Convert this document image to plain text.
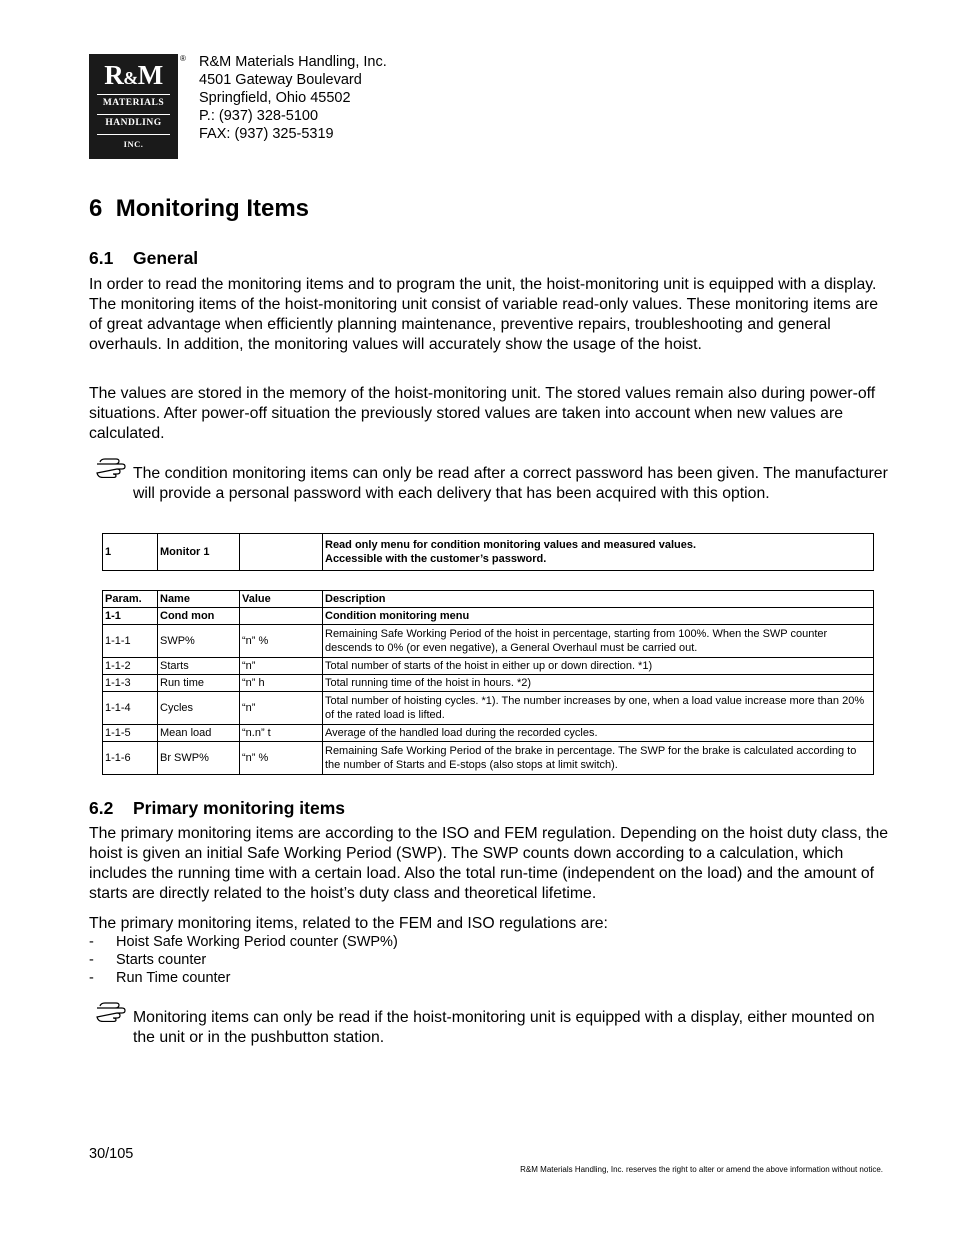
R&M
MATERIALS
HANDLING
INC.
® R&M Materials Handling, Inc.
4501 Gateway Boulevard
Springfield, Ohio 45502
P.: (937) 328-5100
FAX: (937) 325-5319
6 Monitoring Items
6.1 General
In order to read the monitoring items and to program the unit, the hoist-monitoring unit is equipped with a display. The monitoring items of the hoist-monitoring unit consist of variable read-only values. These monitoring items are of great advantage when efficiently planning maintenance, preventive repairs, troubleshooting and general overhauls. In addition, the monitoring values will accurately show the usage of the hoist.
The values are stored in the memory of the hoist-monitoring unit. The stored values remain also during power-off situations. After power-off situation the previously stored values are taken into account when new values are calculated.
The condition monitoring items can only be read after a correct password has been given. The manufacturer will provide a personal password with each delivery that has been acquired with this option.
1	Monitor 1		
Read only menu for condition monitoring values and measured values.
Accessible with the customer’s password.
Param.	Name	Value	Description
1-1	Cond mon		Condition monitoring menu
1-1-1	SWP%	“n” %	Remaining Safe Working Period of the hoist in percentage, starting from 100%. When the SWP counter descends to 0% (or even negative), a General Overhaul must be carried out.
1-1-2	Starts	“n”	Total number of starts of the hoist in either up or down direction. *1)
1-1-3	Run time	“n” h	Total running time of the hoist in hours. *2)
1-1-4	Cycles	“n”	Total number of hoisting cycles. *1). The number increases by one, when a load value increase more than 20% of the rated load is lifted.
1-1-5	Mean load	“n.n” t	Average of the handled load during the recorded cycles.
1-1-6	Br SWP%	“n” %	Remaining Safe Working Period of the brake in percentage. The SWP for the brake is calculated according to the number of Starts and E-stops (also stops at limit switch).
6.2 Primary monitoring items
The primary monitoring items are according to the ISO and FEM regulation. Depending on the hoist duty class, the hoist is given an initial Safe Working Period (SWP). The SWP counts down according to a calculation, which includes the running time with a certain load. Also the total run-time (independent on the load) and the amount of starts are directly related to the hoist’s duty class and theoretical lifetime.
The primary monitoring items, related to the FEM and ISO regulations are:
- Hoist Safe Working Period counter (SWP%)
- Starts counter
- Run Time counter
Monitoring items can only be read if the hoist-monitoring unit is equipped with a display, either mounted on the unit or in the pushbutton station.
30/105
R&M Materials Handling, Inc. reserves the right to alter or amend the above information without notice.
